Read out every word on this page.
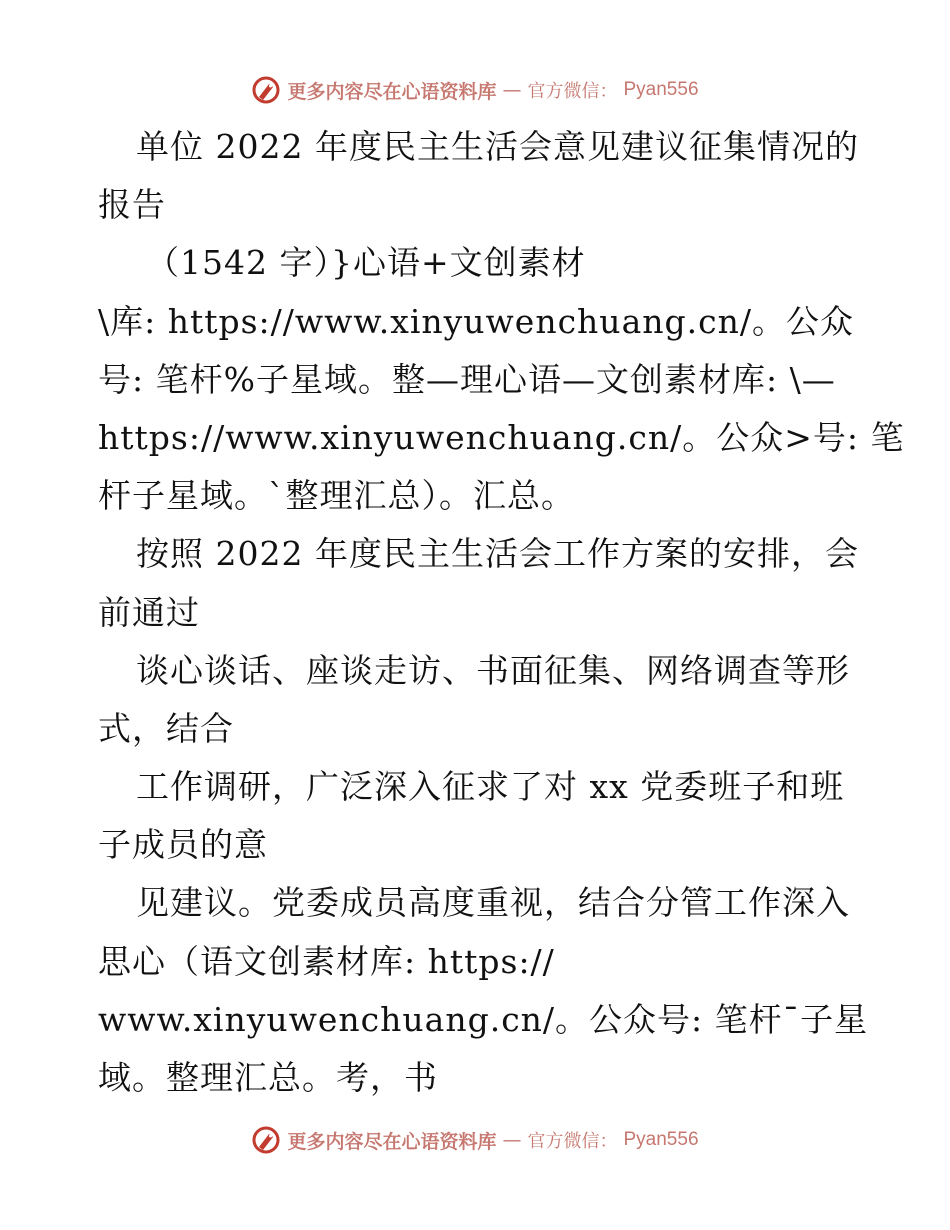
更多内容尽在心语资料库 — 官方微信： Pyan556
单位 2022 年度民主生活会意见建议征集情况的
报告
（1542 字）}心语+文创素材
\库: https://www.xinyuwenchuang.cn/。公众
号: 笔杆%子星域。整—理心语—文创素材库: \—
https://www.xinyuwenchuang.cn/。公众>号: 笔
杆子星域。`整理汇总）。汇总。
按照 2022 年度民主生活会工作方案的安排，会
前通过
谈心谈话、座谈走访、书面征集、网络调查等形
式，结合
工作调研，广泛深入征求了对 xx 党委班子和班
子成员的意
见建议。党委成员高度重视，结合分管工作深入
思心（语文创素材库: https://
www.xinyuwenchuang.cn/。公众号: 笔杆¯子星
域。整理汇总。考，书
更多内容尽在心语资料库 — 官方微信： Pyan556
